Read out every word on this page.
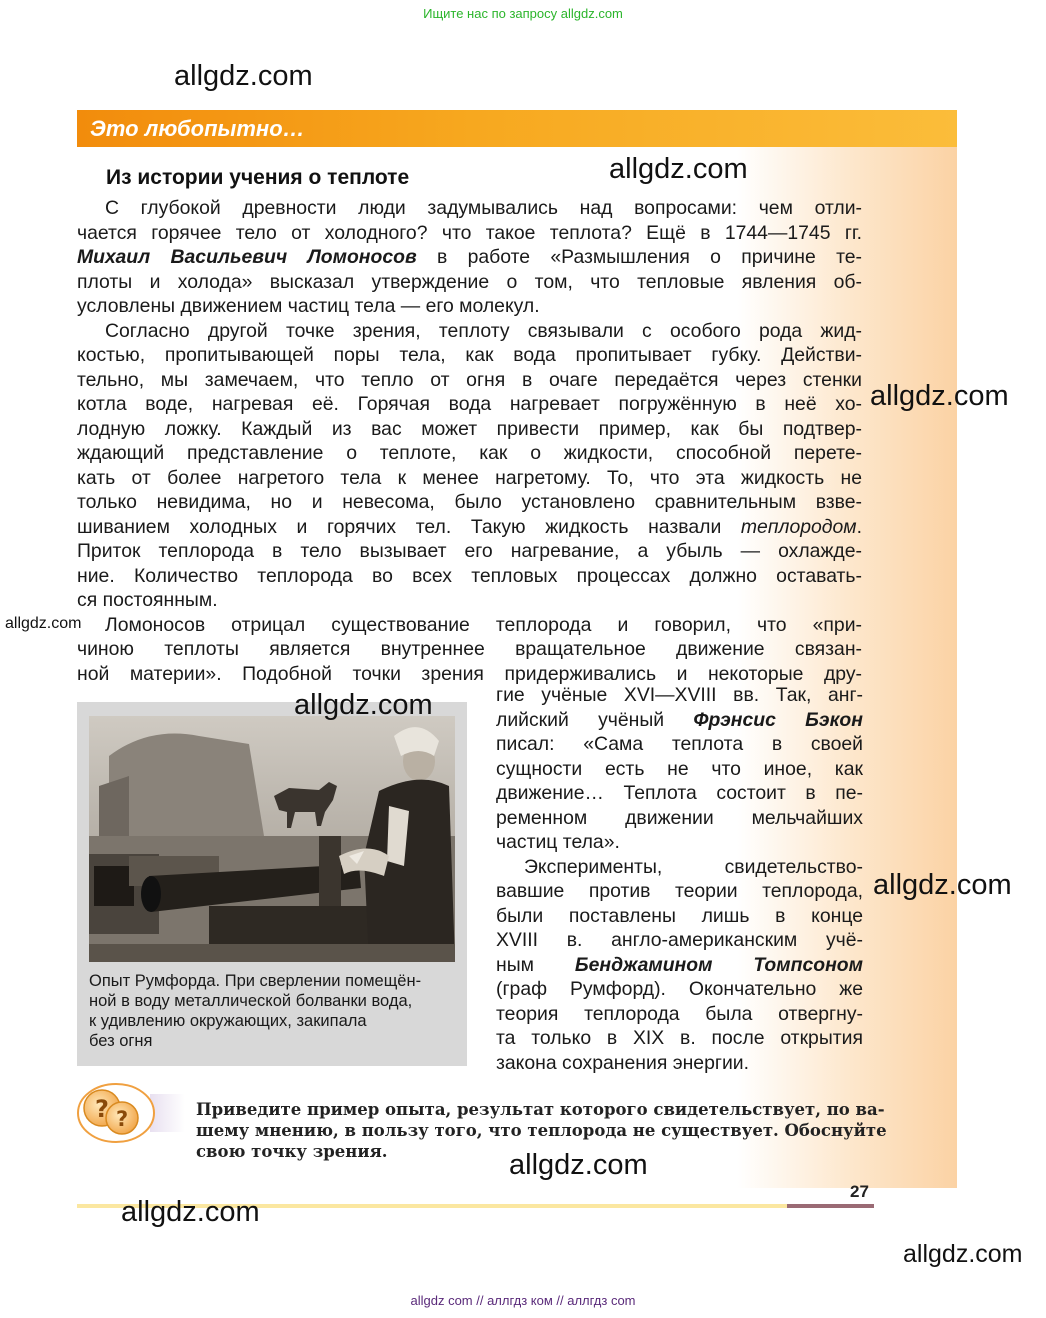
Ищите нас по запросу allgdz.com
allgdz com // аллгдз ком // аллгдз com
Это любопытно…
Из истории учения о теплоте
С глубокой древности люди задумывались над вопросами: чем отли-
чается горячее тело от холодного? что такое теплота? Ещё в 1744—1745 гг.
Михаил Васильевич Ломоносов в работе «Размышления о причине те-
плоты и холода» высказал утверждение о том, что тепловые явления об-
условлены движением частиц тела — его молекул.
Согласно другой точке зрения, теплоту связывали с особого рода жид-
костью, пропитывающей поры тела, как вода пропитывает губку. Действи-
тельно, мы замечаем, что тепло от огня в очаге передаётся через стенки
котла воде, нагревая её. Горячая вода нагревает погружённую в неё хо-
лодную ложку. Каждый из вас может привести пример, как бы подтвер-
ждающий представление о теплоте, как о жидкости, способной перете-
кать от более нагретого тела к менее нагретому. То, что эта жидкость не
только невидима, но и невесома, было установлено сравнительным взве-
шиванием холодных и горячих тел. Такую жидкость назвали теплородом.
Приток теплорода в тело вызывает его нагревание, а убыль — охлажде-
ние. Количество теплорода во всех тепловых процессах должно оставать-
ся постоянным.
Ломоносов отрицал существование теплорода и говорил, что «при-
чиною теплоты является внутреннее вращательное движение связан-
ной материи». Подобной точки зрения придерживались и некоторые дру-
Опыт Румфорда. При сверлении помещён-
ной в воду металлической болванки вода,
к удивлению окружающих, закипала
без огня
гие учёные XVI—XVIII вв. Так, анг-
лийский учёный Фрэнсис Бэкон
писал: «Сама теплота в своей
сущности есть не что иное, как
движение… Теплота состоит в пе-
ременном движении мельчайших
частиц тела».
Эксперименты, свидетельство-
вавшие против теории теплорода,
были поставлены лишь в конце
XVIII в. англо-американским учё-
ным Бенджамином Томпсоном
(граф Румфорд). Окончательно же
теория теплорода была отвергну-
та только в XIX в. после открытия
закона сохранения энергии.
? ?	Приведите пример опыта, результат которого свидетельствует, по ва-
шему мнению, в пользу того, что теплорода не существует. Обоснуйте
свою точку зрения.
27
allgdz.com
allgdz.com
allgdz.com
allgdz.com
allgdz.com
allgdz.com
allgdz.com
allgdz.com
allgdz.com
